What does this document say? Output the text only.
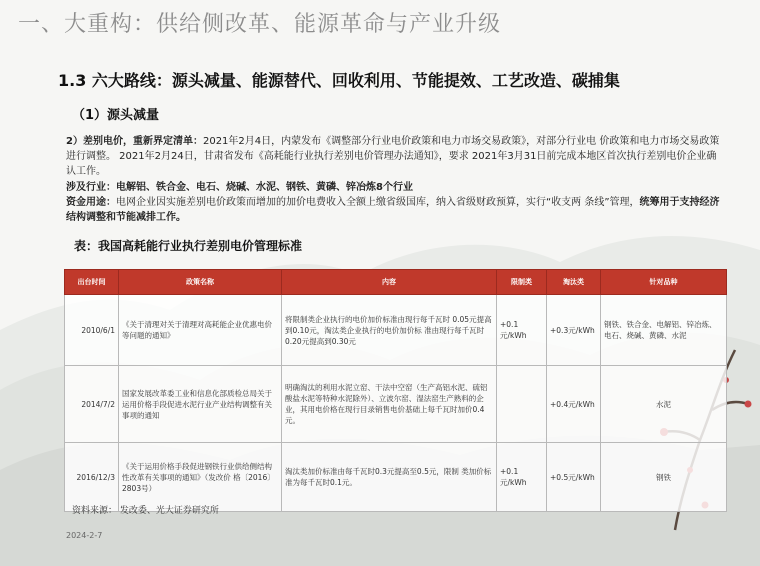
一、大重构：供给侧改革、能源革命与产业升级
1.3 六大路线：源头减量、能源替代、回收利用、节能提效、工艺改造、碳捕集
（1）源头减量
2）差别电价，重新界定清单：2021年2月4日，内蒙发布《调整部分行业电价政策和电力市场交易政策》，对部分行业电 价政策和电力市场交易政策进行调整。 2021年2月24日，甘肃省发布《高耗能行业执行差别电价管理办法通知》，要求 2021年3月31日前完成本地区首次执行差别电价企业确认工作。
涉及行业：电解铝、铁合金、电石、烧碱、水泥、钢铁、黄磷、锌冶炼8个行业
资金用途：电网企业因实施差别电价政策而增加的加价电费收入全额上缴省级国库，纳入省级财政预算，实行“收支两 条线”管理，统筹用于支持经济结构调整和节能减排工作。
表：我国高耗能行业执行差别电价管理标准
出台时间	政策名称	内容	限制类	淘汰类	针对品种
2010/6/1	《关于清理对关于清理对高耗能企业优惠电价等问题的通知》	将限制类企业执行的电价加价标准由现行每千瓦时 0.05元提高到0.10元，淘汰类企业执行的电价加价标 准由现行每千瓦时0.20元提高到0.30元	+0.1元/kWh	+0.3元/kWh	钢铁、铁合金、电解铝、锌冶炼、电石、烧碱、黄磷、水泥
2014/7/2	国家发展改革委工业和信息化部质检总局关于运用价格手段促进水泥行业产业结构调整有关事项的通知	明确淘汰的利用水泥立窑、干法中空窑（生产高铝水泥、硫铝酸盐水泥等特种水泥除外）、立波尔窑、湿法窑生产熟料的企业，其用电价格在现行目录销售电价基础上每千瓦时加价0.4元。		+0.4元/kWh	水泥
2016/12/3	《关于运用价格手段促进钢铁行业供给侧结构性改革有关事项的通知》（发改价 格〔2016〕2803号）	淘汰类加价标准由每千瓦时0.3元提高至0.5元，限制 类加价标准为每千瓦时0.1元。	+0.1元/kWh	+0.5元/kWh	钢铁
资料来源： 发改委、光大证券研究所
2024-2-7
